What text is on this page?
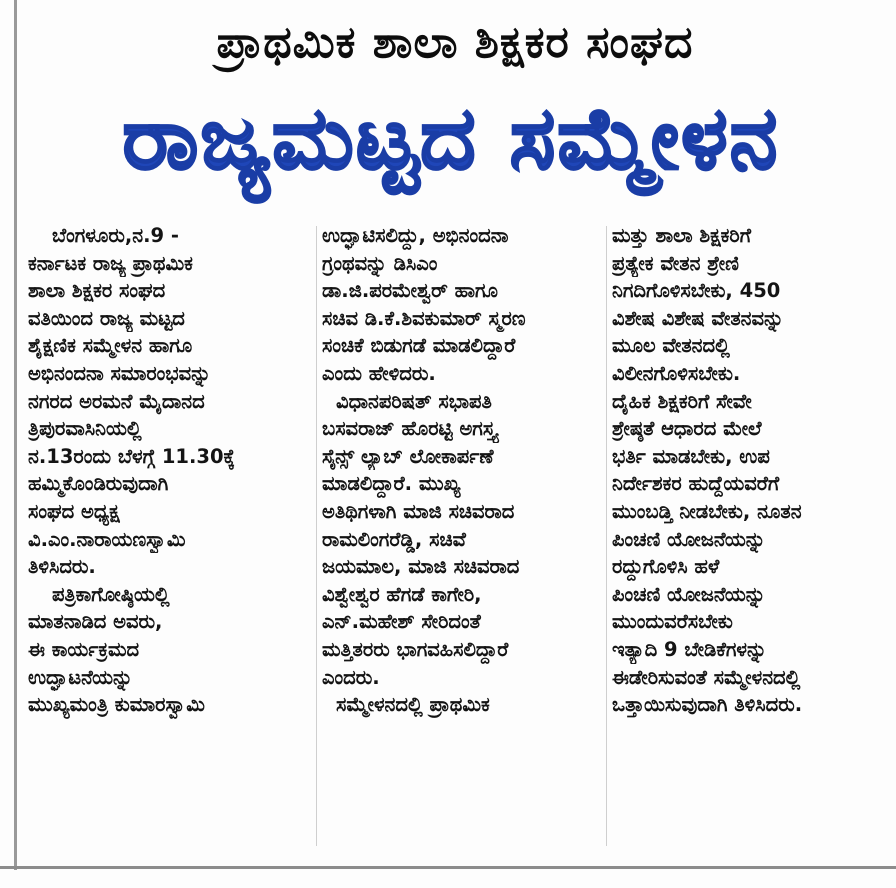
ಪ್ರಾಥಮಿಕ ಶಾಲಾ ಶಿಕ್ಷಕರ ಸಂಘದ
ರಾಜ್ಯಮಟ್ಟದ ಸಮ್ಮೇಳನ
ಬೆಂಗಳೂರು,ನ.9 -
ಕರ್ನಾಟಕ ರಾಜ್ಯ ಪ್ರಾಥಮಿಕ
ಶಾಲಾ ಶಿಕ್ಷಕರ ಸಂಘದ
ವತಿಯಿಂದ ರಾಜ್ಯ ಮಟ್ಟದ
ಶೈಕ್ಷಣಿಕ ಸಮ್ಮೇಳನ ಹಾಗೂ
ಅಭಿನಂದನಾ ಸಮಾರಂಭವನ್ನು
ನಗರದ ಅರಮನೆ ಮೈದಾನದ
ತ್ರಿಪುರವಾಸಿನಿಯಲ್ಲಿ
ನ.13ರಂದು ಬೆಳಗ್ಗೆ 11.30ಕ್ಕೆ
ಹಮ್ಮಿಕೊಂಡಿರುವುದಾಗಿ
ಸಂಘದ ಅಧ್ಯಕ್ಷ
ವಿ.ಎಂ.ನಾರಾಯಣಸ್ವಾಮಿ
ತಿಳಿಸಿದರು.
ಪತ್ರಿಕಾಗೋಷ್ಠಿಯಲ್ಲಿ
ಮಾತನಾಡಿದ ಅವರು,
ಈ ಕಾರ್ಯಕ್ರಮದ
ಉದ್ಘಾಟನೆಯನ್ನು
ಮುಖ್ಯಮಂತ್ರಿ ಕುಮಾರಸ್ವಾಮಿ
ಉದ್ಘಾಟಿಸಲಿದ್ದು, ಅಭಿನಂದನಾ
ಗ್ರಂಥವನ್ನು ಡಿಸಿಎಂ
ಡಾ.ಜಿ.ಪರಮೇಶ್ವರ್ ಹಾಗೂ
ಸಚಿವ ಡಿ.ಕೆ.ಶಿವಕುಮಾರ್ ಸ್ಮರಣ
ಸಂಚಿಕೆ ಬಿಡುಗಡೆ ಮಾಡಲಿದ್ದಾರೆ
ಎಂದು ಹೇಳಿದರು.
ವಿಧಾನಪರಿಷತ್ ಸಭಾಪತಿ
ಬಸವರಾಜ್ ಹೊರಟ್ಟಿ ಅಗಸ್ತ್ಯ
ಸೈನ್ಸ್ ಲ್ಯಾಬ್ ಲೋಕಾರ್ಪಣೆ
ಮಾಡಲಿದ್ದಾರೆ. ಮುಖ್ಯ
ಅತಿಥಿಗಳಾಗಿ ಮಾಜಿ ಸಚಿವರಾದ
ರಾಮಲಿಂಗರೆಡ್ಡಿ, ಸಚಿವೆ
ಜಯಮಾಲ, ಮಾಜಿ ಸಚಿವರಾದ
ವಿಶ್ವೇಶ್ವರ ಹೆಗಡೆ ಕಾಗೇರಿ,
ಎನ್.ಮಹೇಶ್ ಸೇರಿದಂತೆ
ಮತ್ತಿತರರು ಭಾಗವಹಿಸಲಿದ್ದಾರೆ
ಎಂದರು.
ಸಮ್ಮೇಳನದಲ್ಲಿ ಪ್ರಾಥಮಿಕ
ಮತ್ತು ಶಾಲಾ ಶಿಕ್ಷಕರಿಗೆ
ಪ್ರತ್ಯೇಕ ವೇತನ ಶ್ರೇಣಿ
ನಿಗದಿಗೊಳಿಸಬೇಕು, 450
ವಿಶೇಷ ವಿಶೇಷ ವೇತನವನ್ನು
ಮೂಲ ವೇತನದಲ್ಲಿ
ವಿಲೀನಗೊಳಿಸಬೇಕು.
ದೈಹಿಕ ಶಿಕ್ಷಕರಿಗೆ ಸೇವೇ
ಶ್ರೇಷ್ಠತೆ ಆಧಾರದ ಮೇಲೆ
ಭರ್ತಿ ಮಾಡಬೇಕು, ಉಪ
ನಿರ್ದೇಶಕರ ಹುದ್ದೆಯವರೆಗೆ
ಮುಂಬಡ್ತಿ ನೀಡಬೇಕು, ನೂತನ
ಪಿಂಚಣಿ ಯೋಜನೆಯನ್ನು
ರದ್ದುಗೊಳಿಸಿ ಹಳೆ
ಪಿಂಚಣಿ ಯೋಜನೆಯನ್ನು
ಮುಂದುವರೆಸಬೇಕು
ಇತ್ಯಾದಿ 9 ಬೇಡಿಕೆಗಳನ್ನು
ಈಡೇರಿಸುವಂತೆ ಸಮ್ಮೇಳನದಲ್ಲಿ
ಒತ್ತಾಯಿಸುವುದಾಗಿ ತಿಳಿಸಿದರು.
